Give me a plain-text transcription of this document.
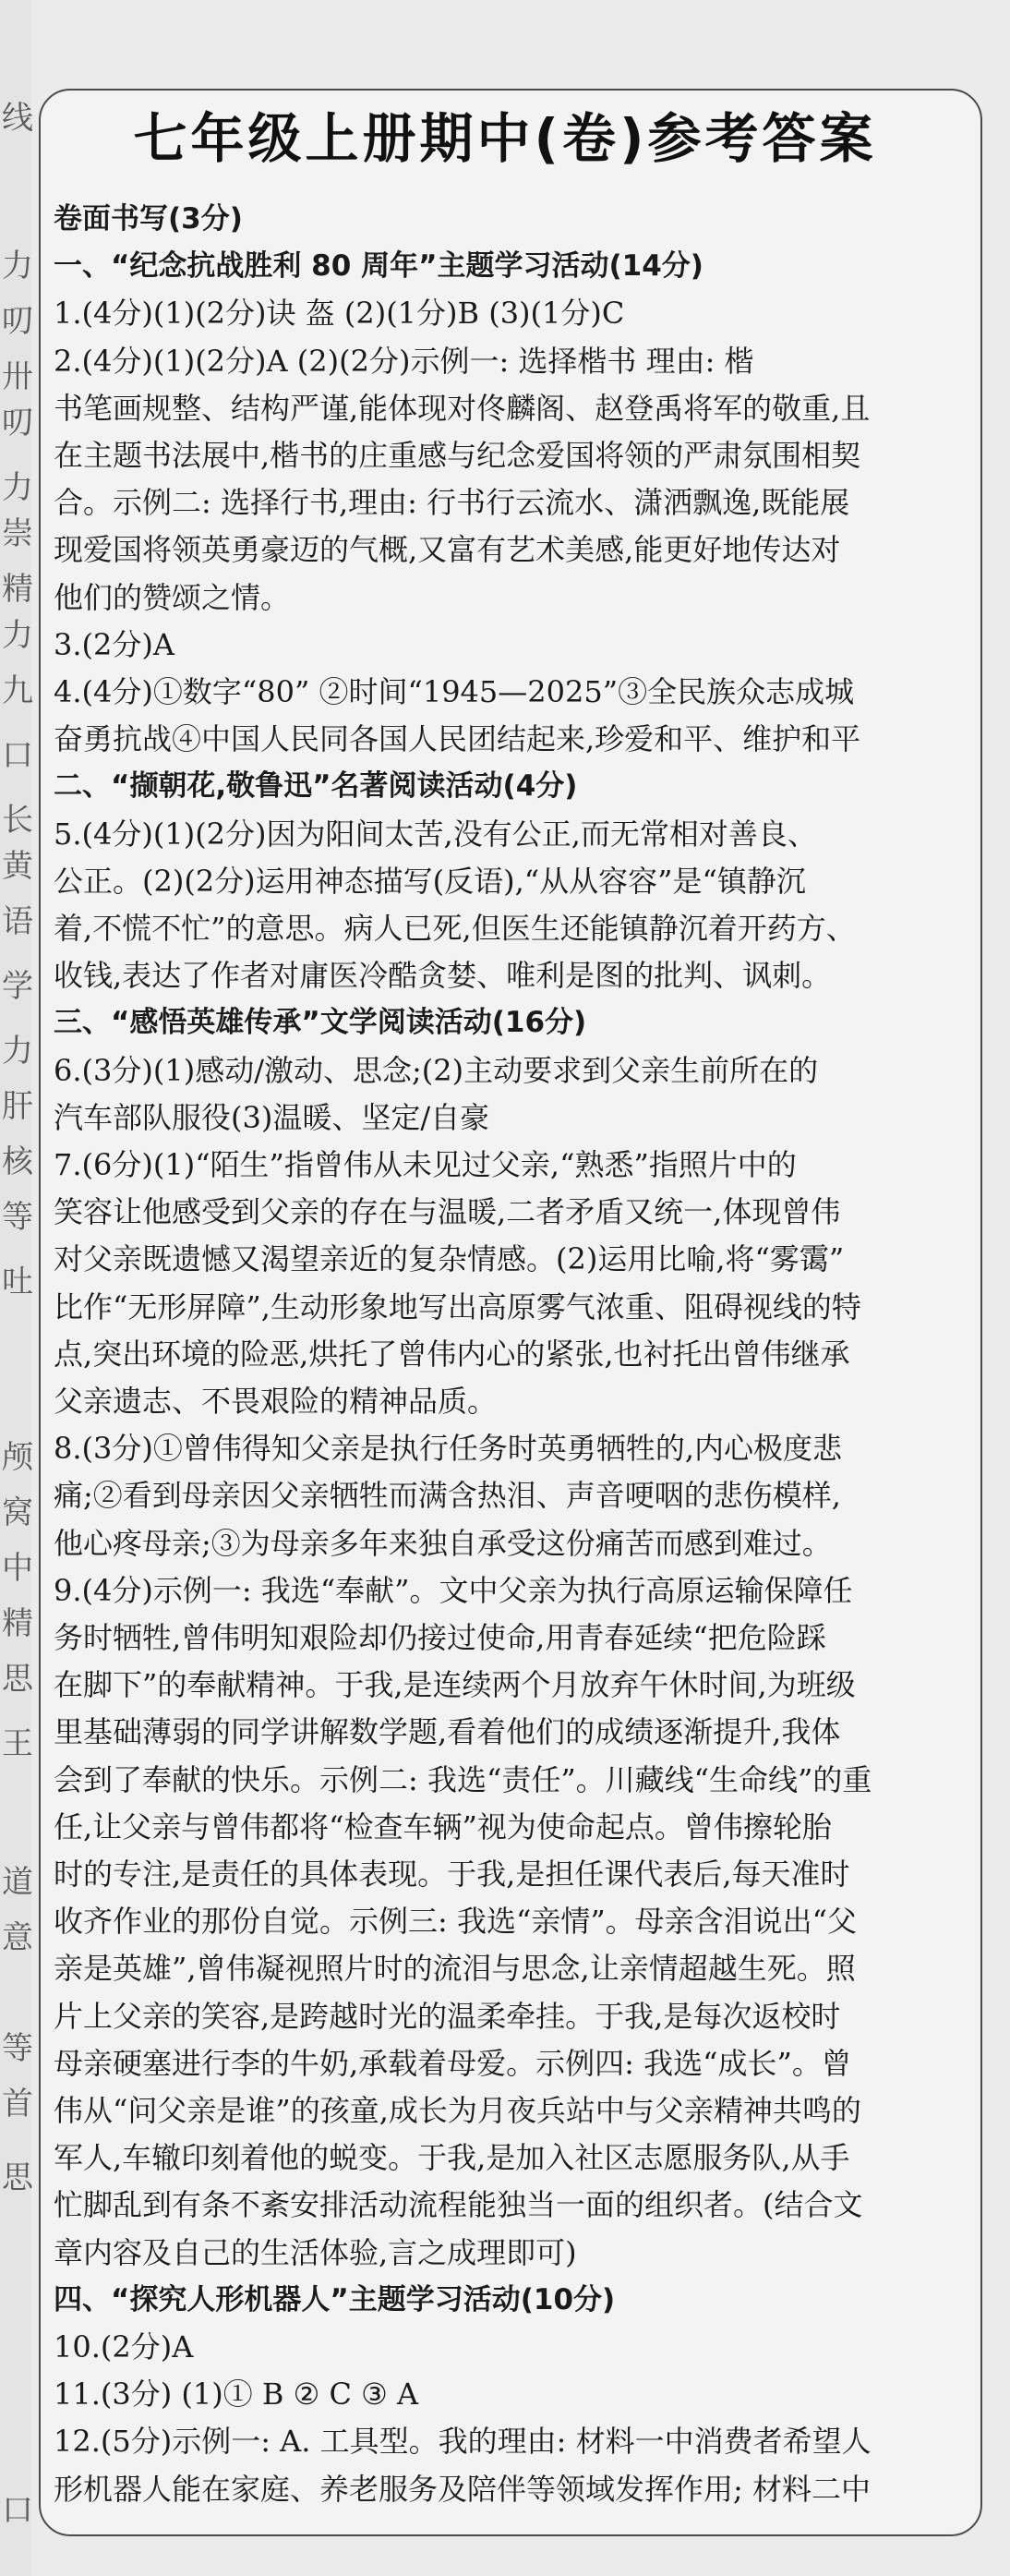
线
力
叨
卅
叨
力
崇
精
力
九
口
长
黄
语
学
力
肝
核
等
吐
颅
窝
中
精
思
王
道
意
等
首
思
口
七年级上册期中(卷)参考答案
卷面书写(3分)
一、“纪念抗战胜利 80 周年”主题学习活动(14分)
1.(4分)(1)(2分)诀 盔 (2)(1分)B (3)(1分)C
2.(4分)(1)(2分)A (2)(2分)示例一: 选择楷书 理由: 楷
书笔画规整、结构严谨,能体现对佟麟阁、赵登禹将军的敬重,且
在主题书法展中,楷书的庄重感与纪念爱国将领的严肃氛围相契
合。示例二: 选择行书,理由: 行书行云流水、潇洒飘逸,既能展
现爱国将领英勇豪迈的气概,又富有艺术美感,能更好地传达对
他们的赞颂之情。
3.(2分)A
4.(4分)①数字“80” ②时间“1945—2025”③全民族众志成城
奋勇抗战④中国人民同各国人民团结起来,珍爱和平、维护和平
二、“撷朝花,敬鲁迅”名著阅读活动(4分)
5.(4分)(1)(2分)因为阳间太苦,没有公正,而无常相对善良、
公正。(2)(2分)运用神态描写(反语),“从从容容”是“镇静沉
着,不慌不忙”的意思。病人已死,但医生还能镇静沉着开药方、
收钱,表达了作者对庸医冷酷贪婪、唯利是图的批判、讽刺。
三、“感悟英雄传承”文学阅读活动(16分)
6.(3分)(1)感动/激动、思念;(2)主动要求到父亲生前所在的
汽车部队服役(3)温暖、坚定/自豪
7.(6分)(1)“陌生”指曾伟从未见过父亲,“熟悉”指照片中的
笑容让他感受到父亲的存在与温暖,二者矛盾又统一,体现曾伟
对父亲既遗憾又渴望亲近的复杂情感。(2)运用比喻,将“雾霭”
比作“无形屏障”,生动形象地写出高原雾气浓重、阻碍视线的特
点,突出环境的险恶,烘托了曾伟内心的紧张,也衬托出曾伟继承
父亲遗志、不畏艰险的精神品质。
8.(3分)①曾伟得知父亲是执行任务时英勇牺牲的,内心极度悲
痛;②看到母亲因父亲牺牲而满含热泪、声音哽咽的悲伤模样,
他心疼母亲;③为母亲多年来独自承受这份痛苦而感到难过。
9.(4分)示例一: 我选“奉献”。文中父亲为执行高原运输保障任
务时牺牲,曾伟明知艰险却仍接过使命,用青春延续“把危险踩
在脚下”的奉献精神。于我,是连续两个月放弃午休时间,为班级
里基础薄弱的同学讲解数学题,看着他们的成绩逐渐提升,我体
会到了奉献的快乐。示例二: 我选“责任”。川藏线“生命线”的重
任,让父亲与曾伟都将“检查车辆”视为使命起点。曾伟擦轮胎
时的专注,是责任的具体表现。于我,是担任课代表后,每天准时
收齐作业的那份自觉。示例三: 我选“亲情”。母亲含泪说出“父
亲是英雄”,曾伟凝视照片时的流泪与思念,让亲情超越生死。照
片上父亲的笑容,是跨越时光的温柔牵挂。于我,是每次返校时
母亲硬塞进行李的牛奶,承载着母爱。示例四: 我选“成长”。曾
伟从“问父亲是谁”的孩童,成长为月夜兵站中与父亲精神共鸣的
军人,车辙印刻着他的蜕变。于我,是加入社区志愿服务队,从手
忙脚乱到有条不紊安排活动流程能独当一面的组织者。(结合文
章内容及自己的生活体验,言之成理即可)
四、“探究人形机器人”主题学习活动(10分)
10.(2分)A
11.(3分) (1)① B ② C ③ A
12.(5分)示例一: A. 工具型。我的理由: 材料一中消费者希望人
形机器人能在家庭、养老服务及陪伴等领域发挥作用; 材料二中
